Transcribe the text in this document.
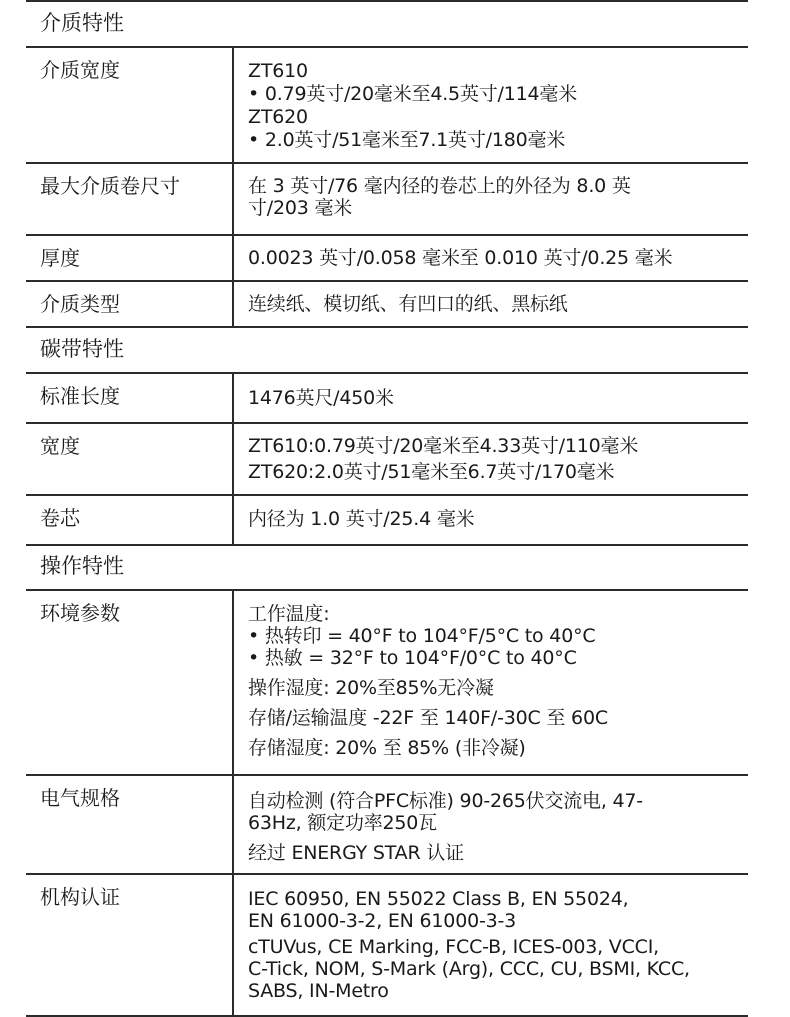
介质特性
介质宽度	ZT610

• 0.79英寸/20毫米至4.5英寸/114毫米

ZT620

• 2.0英寸/51毫米至7.1英寸/180毫米

最大介质卷尺寸	在 3 英寸/76 毫内径的卷芯上的外径为 8.0 英

寸/203 毫米

厚度	0.0023 英寸/0.058 毫米至 0.010 英寸/0.25 毫米

介质类型	连续纸、模切纸、有凹口的纸、黑标纸

碳带特性
标准长度	1476英尺/450米

宽度	ZT610:0.79英寸/20毫米至4.33英寸/110毫米

ZT620:2.0英寸/51毫米至6.7英寸/170毫米

卷芯	内径为 1.0 英寸/25.4 毫米

操作特性
环境参数	工作温度:

• 热转印 = 40°F to 104°F/5°C to 40°C

• 热敏 = 32°F to 104°F/0°C to 40°C

操作湿度: 20%至85%无冷凝

存储/运输温度 -22F 至 140F/-30C 至 60C

存储湿度: 20% 至 85% (非冷凝)

电气规格	自动检测 (符合PFC标准) 90-265伏交流电, 47-

63Hz, 额定功率250瓦

经过 ENERGY STAR 认证

机构认证	IEC 60950, EN 55022 Class B, EN 55024,

EN 61000-3-2, EN 61000-3-3

cTUVus, CE Marking, FCC-B, ICES-003, VCCI,

C-Tick, NOM, S-Mark (Arg), CCC, CU, BSMI, KCC,

SABS, IN-Metro
